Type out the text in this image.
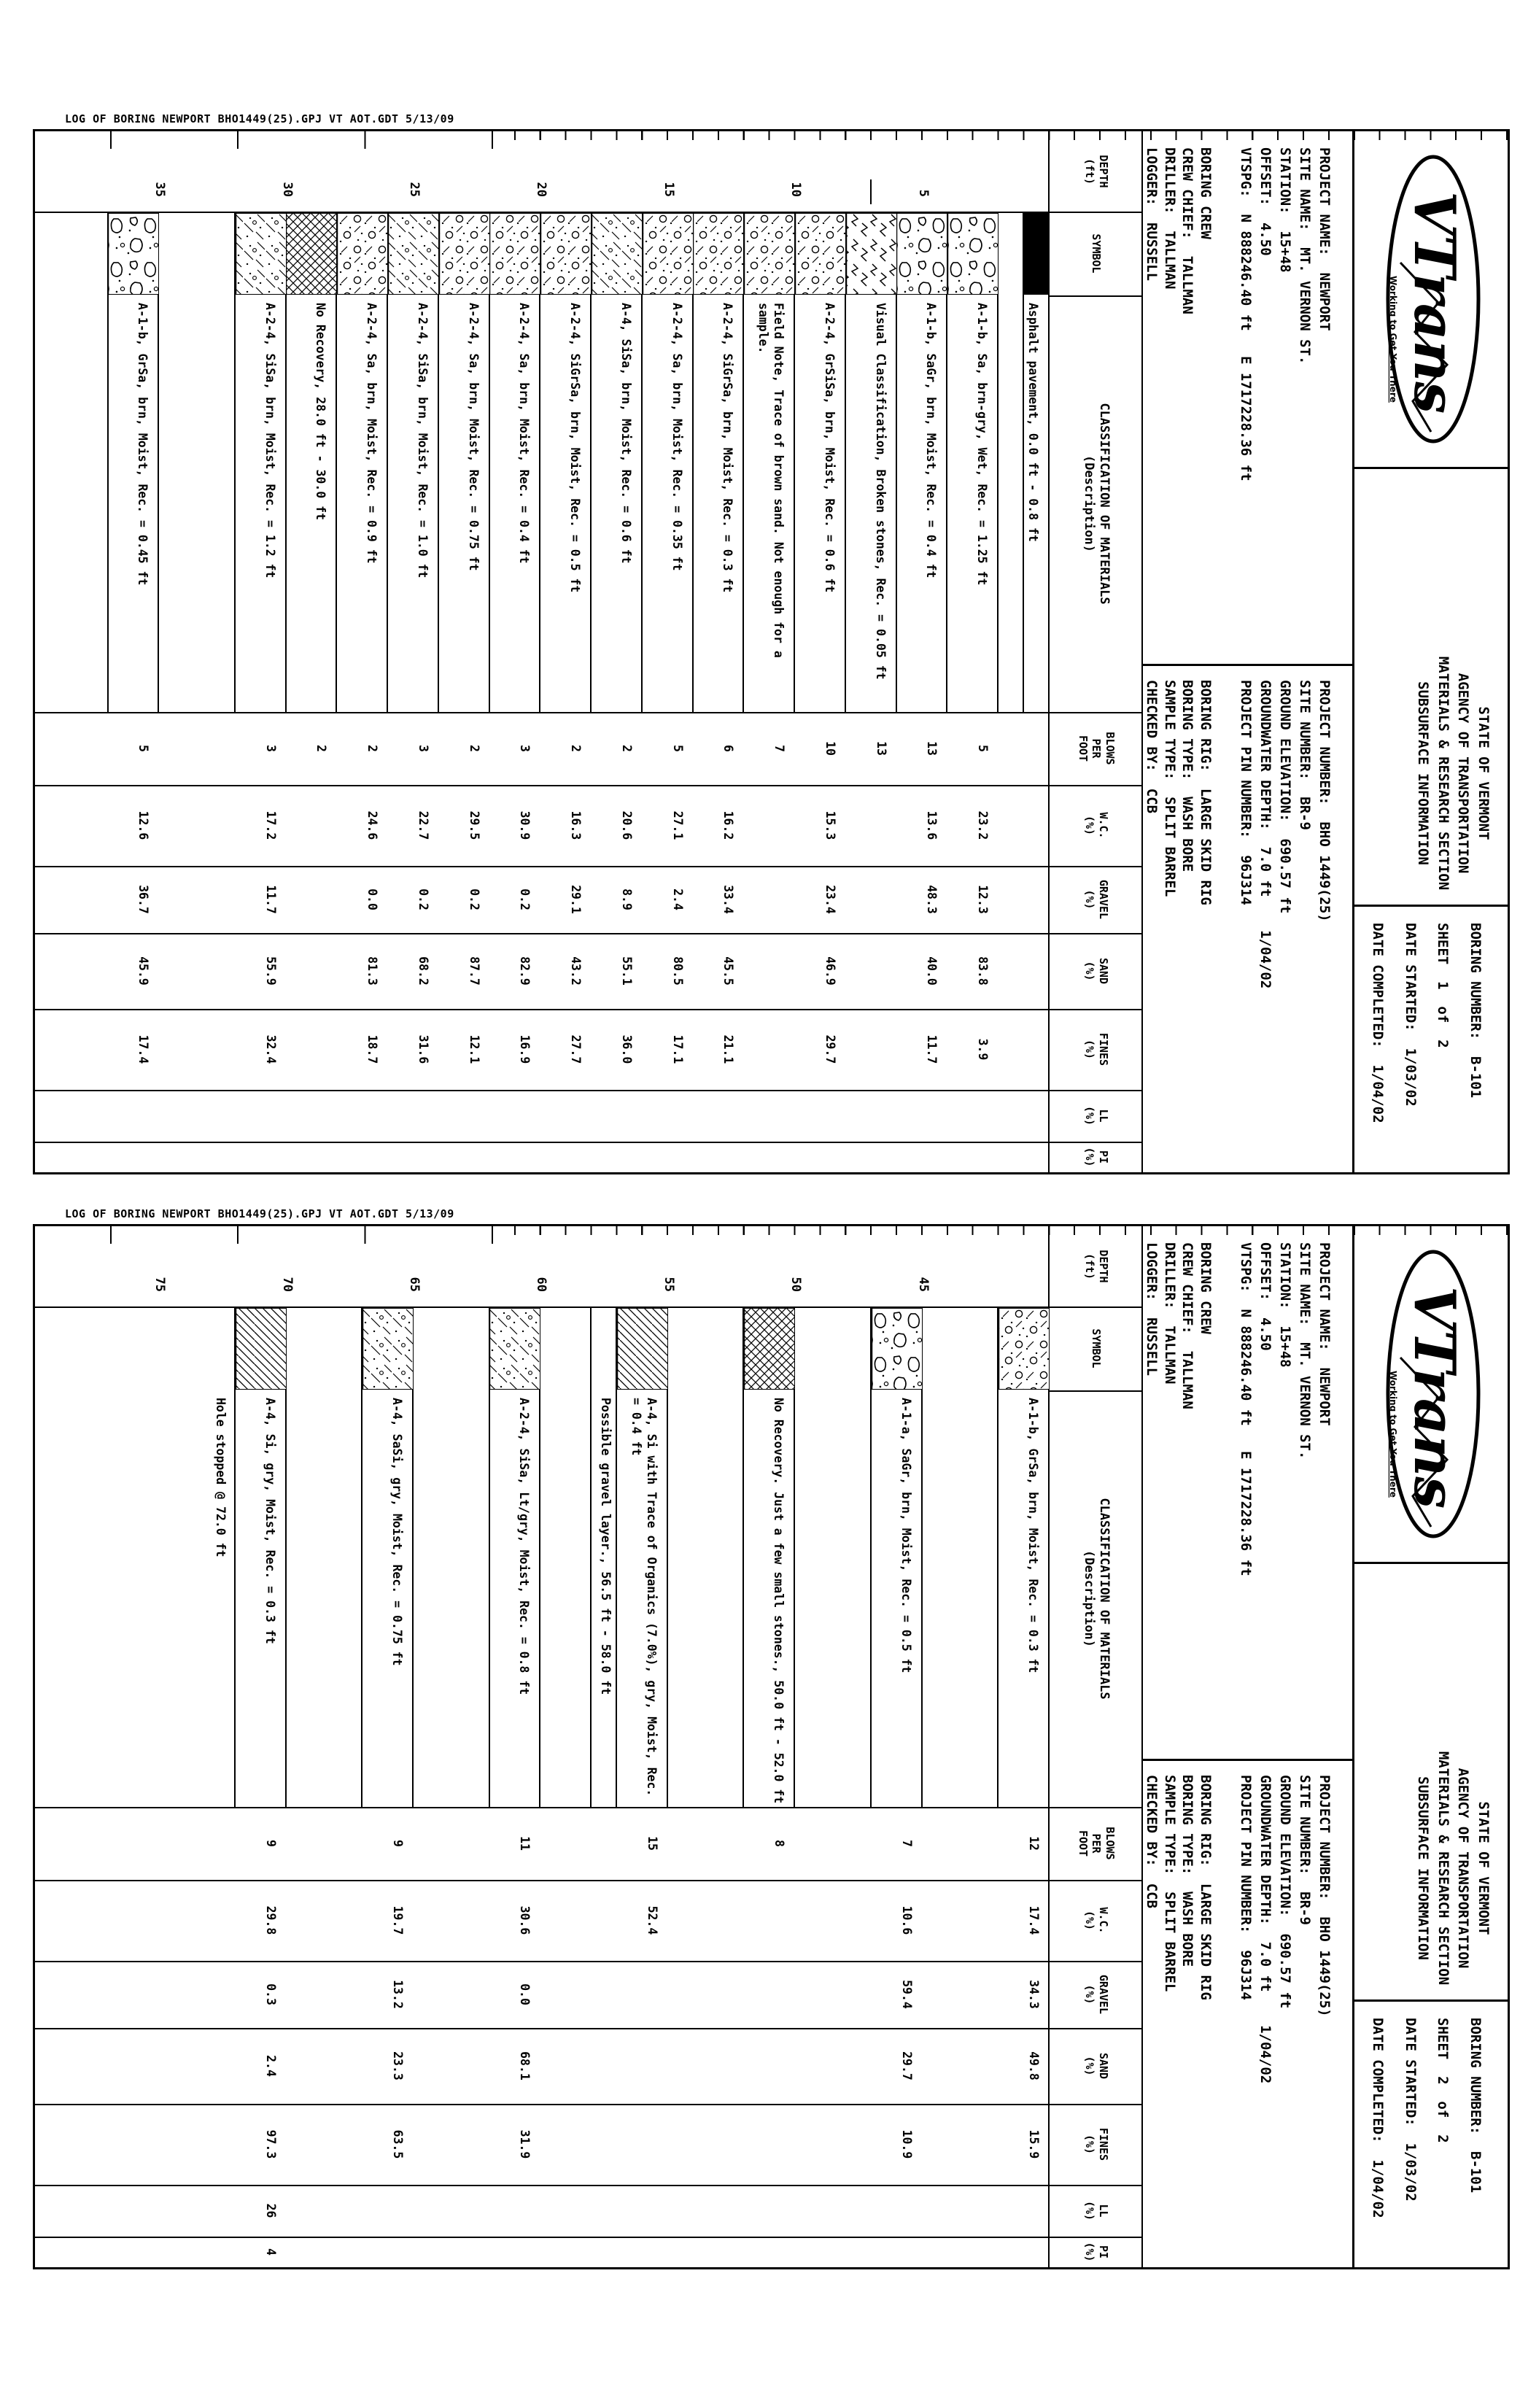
LOG OF BORING NEWPORT BHO1449(25).GPJ VT AOT.GDT 5/13/09
VTrans
Working to Get You There
STATE OF VERMONT
AGENCY OF TRANSPORTATION
MATERIALS & RESEARCH SECTION
SUBSURFACE INFORMATION
BORING NUMBER:  B-101
SHEET  1  of  2
DATE STARTED:  1/03/02
DATE COMPLETED:  1/04/02
PROJECT NAME:  NEWPORT
SITE NAME:  MT. VERNON ST.
STATION:  15+48
OFFSET:  4.50
VTSPG:  N 888246.40 ft   E 1717228.36 ft
PROJECT NUMBER:  BHO 1449(25)
SITE NUMBER:  BR-9
GROUND ELEVATION:  690.57 ft
GROUNDWATER DEPTH:  7.0 ft    1/04/02
PROJECT PIN NUMBER:  96J314
BORING CREW
CREW CHIEF:  TALLMAN
DRILLER:  TALLMAN
LOGGER:  RUSSELL
BORING RIG:  LARGE SKID RIG
BORING TYPE:  WASH BORE
SAMPLE TYPE:  SPLIT BARREL
CHECKED BY:  CCB
DEPTH
(ft)
SYMBOL
CLASSIFICATION OF MATERIALS
(Description)
BLOWS
PER
FOOT
W.C.
(%)
GRAVEL
(%)
SAND
(%)
FINES
(%)
LL
(%)
PI
(%)
5
10
15
20
25
30
35
Asphalt pavement, 0.0 ft - 0.8 ft
A-1-b, Sa, brn-gry, Wet, Rec. = 1.25 ft
5
23.2
12.3
83.8
3.9
A-1-b, SaGr, brn, Moist, Rec. = 0.4 ft
13
13.6
48.3
40.0
11.7
Visual Classification, Broken stones, Rec. = 0.05 ft
13
A-2-4, GrSiSa, brn, Moist, Rec. = 0.6 ft
10
15.3
23.4
46.9
29.7
Field Note, Trace of brown sand. Not enough for a sample.
7
A-2-4, SiGrSa, brn, Moist, Rec. = 0.3 ft
6
16.2
33.4
45.5
21.1
A-2-4, Sa, brn, Moist, Rec. = 0.35 ft
5
27.1
2.4
80.5
17.1
A-4, SiSa, brn, Moist, Rec. = 0.6 ft
2
20.6
8.9
55.1
36.0
A-2-4, SiGrSa, brn, Moist, Rec. = 0.5 ft
2
16.3
29.1
43.2
27.7
A-2-4, Sa, brn, Moist, Rec. = 0.4 ft
3
30.9
0.2
82.9
16.9
A-2-4, Sa, brn, Moist, Rec. = 0.75 ft
2
29.5
0.2
87.7
12.1
A-2-4, SiSa, brn, Moist, Rec. = 1.0 ft
3
22.7
0.2
68.2
31.6
A-2-4, Sa, brn, Moist, Rec. = 0.9 ft
2
24.6
0.0
81.3
18.7
No Recovery, 28.0 ft - 30.0 ft
2
A-2-4, SiSa, brn, Moist, Rec. = 1.2 ft
3
17.2
11.7
55.9
32.4
A-1-b, GrSa, brn, Moist, Rec. = 0.45 ft
5
12.6
36.7
45.9
17.4
LOG OF BORING NEWPORT BHO1449(25).GPJ VT AOT.GDT 5/13/09
VTrans
Working to Get You There
STATE OF VERMONT
AGENCY OF TRANSPORTATION
MATERIALS & RESEARCH SECTION
SUBSURFACE INFORMATION
BORING NUMBER:  B-101
SHEET  2  of  2
DATE STARTED:  1/03/02
DATE COMPLETED:  1/04/02
PROJECT NAME:  NEWPORT
SITE NAME:  MT. VERNON ST.
STATION:  15+48
OFFSET:  4.50
VTSPG:  N 888246.40 ft   E 1717228.36 ft
PROJECT NUMBER:  BHO 1449(25)
SITE NUMBER:  BR-9
GROUND ELEVATION:  690.57 ft
GROUNDWATER DEPTH:  7.0 ft    1/04/02
PROJECT PIN NUMBER:  96J314
BORING CREW
CREW CHIEF:  TALLMAN
DRILLER:  TALLMAN
LOGGER:  RUSSELL
BORING RIG:  LARGE SKID RIG
BORING TYPE:  WASH BORE
SAMPLE TYPE:  SPLIT BARREL
CHECKED BY:  CCB
DEPTH
(ft)
SYMBOL
CLASSIFICATION OF MATERIALS
(Description)
BLOWS
PER
FOOT
W.C.
(%)
GRAVEL
(%)
SAND
(%)
FINES
(%)
LL
(%)
PI
(%)
45
50
55
60
65
70
75
A-1-b, GrSa, brn, Moist, Rec. = 0.3 ft
12
17.4
34.3
49.8
15.9
A-1-a, SaGr, brn, Moist, Rec. = 0.5 ft
7
10.6
59.4
29.7
10.9
No Recovery. Just a few small stones., 50.0 ft - 52.0 ft
8
A-4, Si with Trace of Organics (7.0%), gry, Moist, Rec. = 0.4 ft
15
52.4
Possible gravel layer., 56.5 ft - 58.0 ft
A-2-4, SiSa, Lt/gry, Moist, Rec. = 0.8 ft
11
30.6
0.0
68.1
31.9
A-4, SaSi, gry, Moist, Rec. = 0.75 ft
9
19.7
13.2
23.3
63.5
A-4, Si, gry, Moist, Rec. = 0.3 ft
9
29.8
0.3
2.4
97.3
26
4
Hole stopped @ 72.0 ft
